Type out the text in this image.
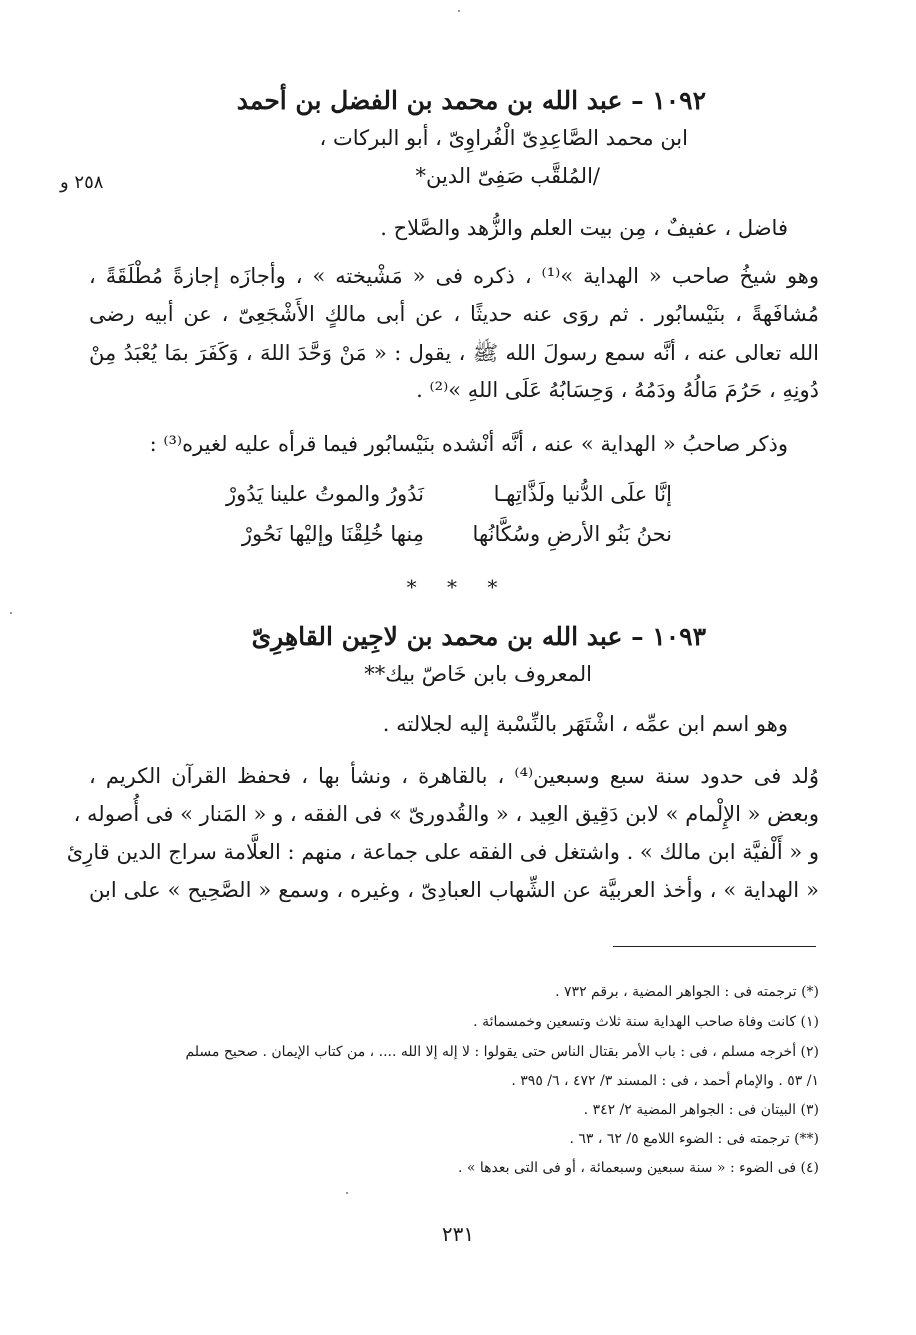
٢٥٨ و
١٠٩٢ – عبد الله بن محمد بن الفضل بن أحمد
ابن محمد الصَّاعِدِىّ الْفُراوِىّ ، أبو البركات ،
/المُلقَّب صَفِىّ الدين*
فاضل ، عفيفٌ ، مِن بيت العلم والزُّهد والصَّلاح .
وهو شيخُ صاحب « الهداية »⁽¹⁾ ، ذكره فى « مَشْيخته » ، وأجازَه إجازةً مُطْلَقَةً ،
مُشافَهةً ، بنَيْسابُور . ثم روَى عنه حديثًا ، عن أبى مالكٍ الأَشْجَعِىّ ، عن أبيه رضى
الله تعالى عنه ، أنَّه سمع رسولَ الله ﷺ ، يقول : « مَنْ وَحَّدَ اللهَ ، وَكَفَرَ بمَا يُعْبَدُ مِنْ
دُونِهِ ، حَرُمَ مَالُهُ ودَمُهُ ، وَحِسَابُهُ عَلَى اللهِ »⁽²⁾ .
وذكر صاحبُ « الهداية » عنه ، أنَّه أنْشده بنَيْسابُور فيما قرأه عليه لغيره⁽³⁾ :
إنَّا علَى الدُّنيا ولَذَّاتِهـا
نَدُورُ والموتُ علينا يَدُورْ
نحنُ بَنُو الأرضِ وسُكَّانُها
مِنها خُلِقْنَا وإليْها نَحُورْ
* * *
١٠٩٣ – عبد الله بن محمد بن لاجِين القاهِرِىّ
المعروف بابن خَاصّ بيك**
وهو اسم ابن عمِّه ، اشْتَهَر بالنِّسْبة إليه لجلالته .
وُلد فى حدود سنة سبع وسبعين⁽⁴⁾ ، بالقاهرة ، ونشأ بها ، فحفظ القرآن الكريم ،
وبعض « الإِلْمام » لابن دَقِيق العِيد ، « والقُدورىّ » فى الفقه ، و « المَنار » فى أُصوله ،
و « أَلْفيَّة ابن مالك » . واشتغل فى الفقه على جماعة ، منهم : العلَّامة سراج الدين قارِئ
« الهداية » ، وأخذ العربيَّة عن الشِّهاب العبادِىّ ، وغيره ، وسمع « الصَّحِيح » على ابن
(*) ترجمته فى : الجواهر المضية ، برقم ٧٣٢ .
(١) كانت وفاة صاحب الهداية سنة ثلاث وتسعين وخمسمائة .
(٢) أخرجه مسلم ، فى : باب الأمر بقتال الناس حتى يقولوا : لا إله إلا الله .... ، من كتاب الإيمان . صحيح مسلم
١/ ٥٣ . والإمام أحمد ، فى : المسند ٣/ ٤٧٢ ، ٦/ ٣٩٥ .
(٣) البيتان فى : الجواهر المضية ٢/ ٣٤٢ .
(**) ترجمته فى : الضوء اللامع ٥/ ٦٢ ، ٦٣ .
(٤) فى الضوء : « سنة سبعين وسبعمائة ، أو فى التى بعدها » .
٢٣١
